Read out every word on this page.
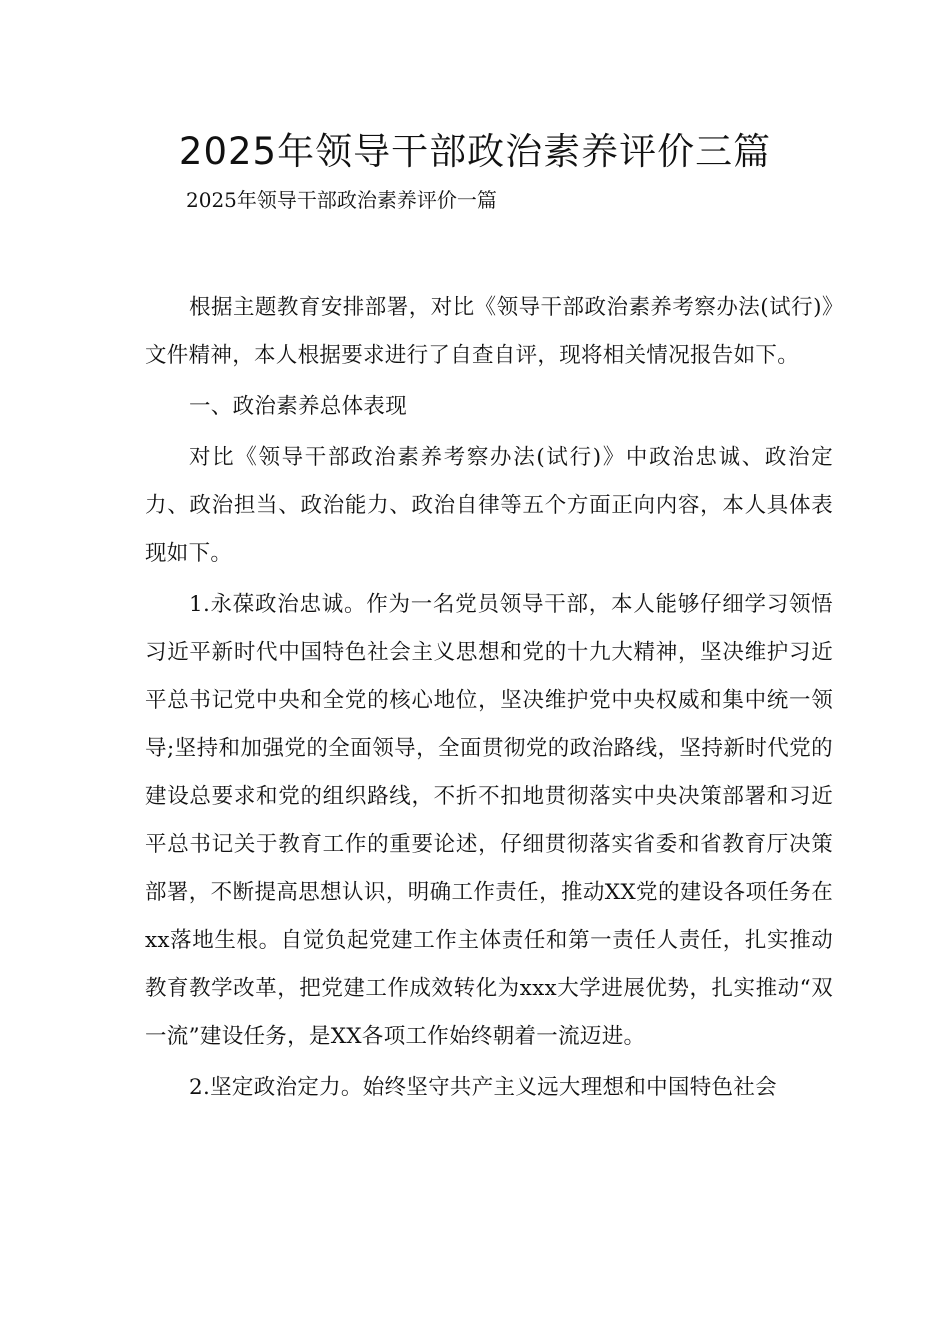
2025年领导干部政治素养评价三篇
2025年领导干部政治素养评价一篇

根据主题教育安排部署，对比《领导干部政治素养考察办法(试行)》文件精神，本人根据要求进行了自查自评，现将相关情况报告如下。

一、政治素养总体表现

对比《领导干部政治素养考察办法(试行)》中政治忠诚、政治定力、政治担当、政治能力、政治自律等五个方面正向内容，本人具体表现如下。

1.永葆政治忠诚。作为一名党员领导干部，本人能够仔细学习领悟习近平新时代中国特色社会主义思想和党的十九大精神，坚决维护习近平总书记党中央和全党的核心地位，坚决维护党中央权威和集中统一领导;坚持和加强党的全面领导，全面贯彻党的政治路线，坚持新时代党的建设总要求和党的组织路线，不折不扣地贯彻落实中央决策部署和习近平总书记关于教育工作的重要论述，仔细贯彻落实省委和省教育厅决策部署，不断提高思想认识，明确工作责任，推动XX党的建设各项任务在xx落地生根。自觉负起党建工作主体责任和第一责任人责任，扎实推动教育教学改革，把党建工作成效转化为xxx大学进展优势，扎实推动“双一流”建设任务，是XX各项工作始终朝着一流迈进。

2.坚定政治定力。始终坚守共产主义远大理想和中国特色社会
